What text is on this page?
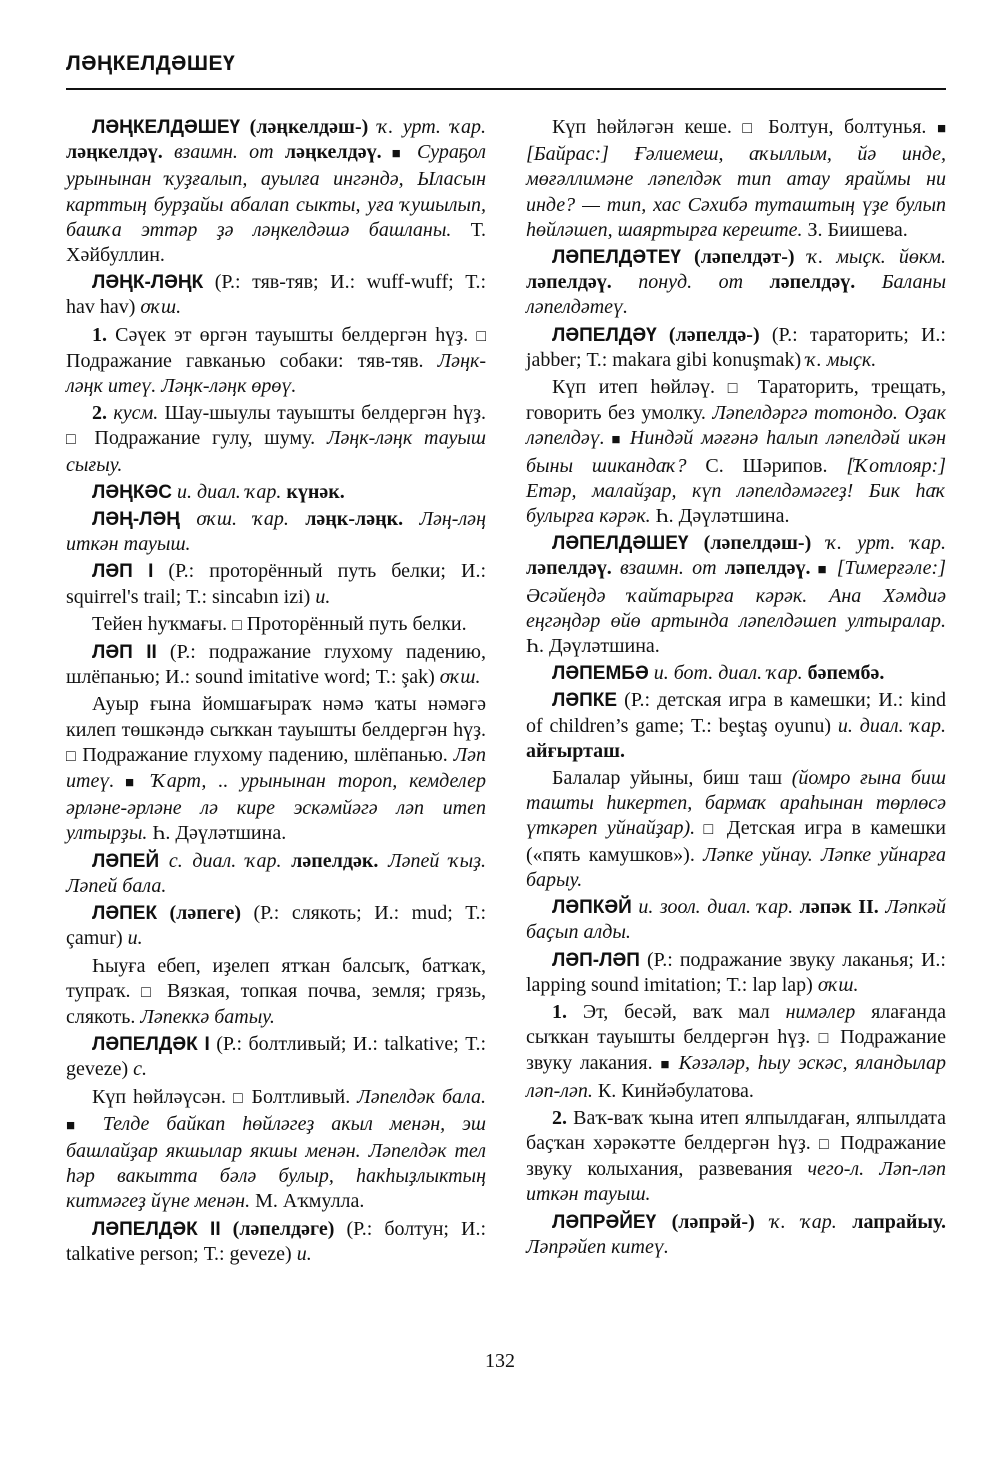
ЛӘҢКЕЛДӘШЕҮ

ЛӘҢКЕЛДӘШЕҮ (ләңкелдәш-) ҡ. урт. ҡар. ләңкелдәү. взаимн. от ләңкелдәү. ■ Сураҕол урынынан ҡуҙғалып, ауылға ингәндә, Ыласын карттың бурҙайы абалап сыкты, уға ҡушылып, башҡа эттәр ҙә ләңкелдәшә башланы. Т. Хәйбуллин.

ЛӘҢК-ЛӘҢК (Р.: тяв-тяв; И.: wuff-wuff; Т.: hav hav) оҡш.

1. Сәүек эт өргән тауышты белдергән һүҙ. □ Подражание гавканью собаки: тяв-тяв. Ләңк-ләңк итеү. Ләңк-ләңк өрөү.

2. кусм. Шау-шыулы тауышты белдергән һүҙ. □ Подражание гулу, шуму. Ләңк-ләңк тауыш сығыу.

ЛӘҢКӘС и. диал. ҡар. күнәк.

ЛӘҢ-ЛӘҢ оҡш. ҡар. ләңк-ләңк. Ләң-ләң иткән тауыш.

ЛӘП I (Р.: проторённый путь белки; И.: squirrel's trail; Т.: sincabın izi) и.

Тейен һуҡмағы. □ Проторённый путь белки.

ЛӘП II (Р.: подражание глухому падению, шлёпанью; И.: sound imitative word; Т.: şak) оҡш.

Ауыр ғына йомшағыраҡ нәмә ҡаты нәмәгә килеп төшкәндә сыҡкан тауышты белдергән һүҙ. □ Подражание глухому падению, шлёпанью. Ләп итеү. ■ Ҡарт, .. урынынан тороп, кемделер әрләне-әрләне лә кире эскәмйәгә ләп итеп ултырҙы. Һ. Дәүләтшина.

ЛӘПЕЙ с. диал. ҡар. ләпелдәк. Ләпей ҡыҙ. Ләпей бала.

ЛӘПЕК (ләпеге) (Р.: слякоть; И.: mud; Т.: çamur) и.

Һыуға ебеп, иҙелеп ятҡан балсыҡ, батҡаҡ, тупраҡ. □ Вязкая, топкая почва, земля; грязь, слякоть. Ләпеккә батыу.

ЛӘПЕЛДӘК I (Р.: болтливый; И.: talkative; Т.: geveze) с.

Күп һөйләүсән. □ Болтливый. Ләпелдәк бала. ■ Телде байкап һөйләгеҙ акыл менән, эш башлайҙар якшылар якшы менән. Ләпелдәк тел һәр вакытта бәлә булыр, һакһыҙлыктың китмәгеҙ йүне менән. М. Аҡмулла.

ЛӘПЕЛДӘК II (ләпелдәге) (Р.: болтун; И.: talkative person; Т.: geveze) и.

Күп һөйләгән кеше. □ Болтун, болтунья. ■ [Байрас:] Ғәлиемеш, аҡыллым, йә инде, мөғәллимәне ләпелдәк тип атау яраймы ни инде? — тип, хас Сәхибә туташтың үҙе булып һөйләшеп, шаяртырға кереште. З. Биишева.

ЛӘПЕЛДӘТЕҮ (ләпелдәт-) ҡ. мыҫк. йөкм. ләпелдәү. понуд. от ләпелдәү. Баланы ләпелдәтеү.

ЛӘПЕЛДӘҮ (ләпелдә-) (Р.: тараторить; И.: jabber; Т.: makara gibi konuşmak) ҡ. мыҫк.

Күп итеп һөйләү. □ Тараторить, трещать, говорить без умолку. Ләпелдәргә тотондо. Оҙак ләпелдәү. ■ Ниндәй мәғәнә һалып ләпелдәй икән быны шикандаҡ? С. Шәрипов. [Ҡотлояр:] Етәр, малайҙар, күп ләпелдәмәгеҙ! Бик һаҡ булырға кәрәк. Һ. Дәүләтшина.

ЛӘПЕЛДӘШЕҮ (ләпелдәш-) ҡ. урт. ҡар. ләпелдәү. взаимн. от ләпелдәү. ■ [Тимерғәле:] Әсәйеңдә ҡайтарырға кәрәк. Ана Хәмдиә еңгәңдәр өйө артында ләпелдәшеп ултыралар. Һ. Дәүләтшина.

ЛӘПЕМБӘ и. бот. диал. ҡар. бәпембә.

ЛӘПКЕ (Р.: детская игра в камешки; И.: kind of children’s game; Т.: beştaş oyunu) и. диал. ҡар. айғырташ.

Балалар уйыны, биш таш (йомро ғына биш ташты һикертеп, бармаҡ араһынан төрлөсә үткәреп уйнайҙар). □ Детская игра в камешки («пять камушков»). Ләпке уйнау. Ләпке уйнарға барыу.

ЛӘПКӘЙ и. зоол. диал. ҡар. ләпәк II. Ләпкәй баҫып алды.

ЛӘП-ЛӘП (Р.: подражание звуку лаканья; И.: lapping sound imitation; Т.: lap lap) оҡш.

1. Эт, бесәй, ваҡ мал нимәлер ялағанда сыҡкан тауышты белдергән һүҙ. □ Подражание звуку лакания. ■ Кәзәләр, һыу эскәс, яландылар ләп-ләп. К. Кинйәбулатова.

2. Ваҡ-ваҡ ҡына итеп ялпылдаған, ялпылдата баҫҡан хәрәкәтте белдергән һүҙ. □ Подражание звуку колыхания, развевания чего-л. Ләп-ләп иткән тауыш.

ЛӘПРӘЙЕҮ (ләпрәй-) ҡ. ҡар. лапрайыу. Ләпрәйеп китеү.

132
